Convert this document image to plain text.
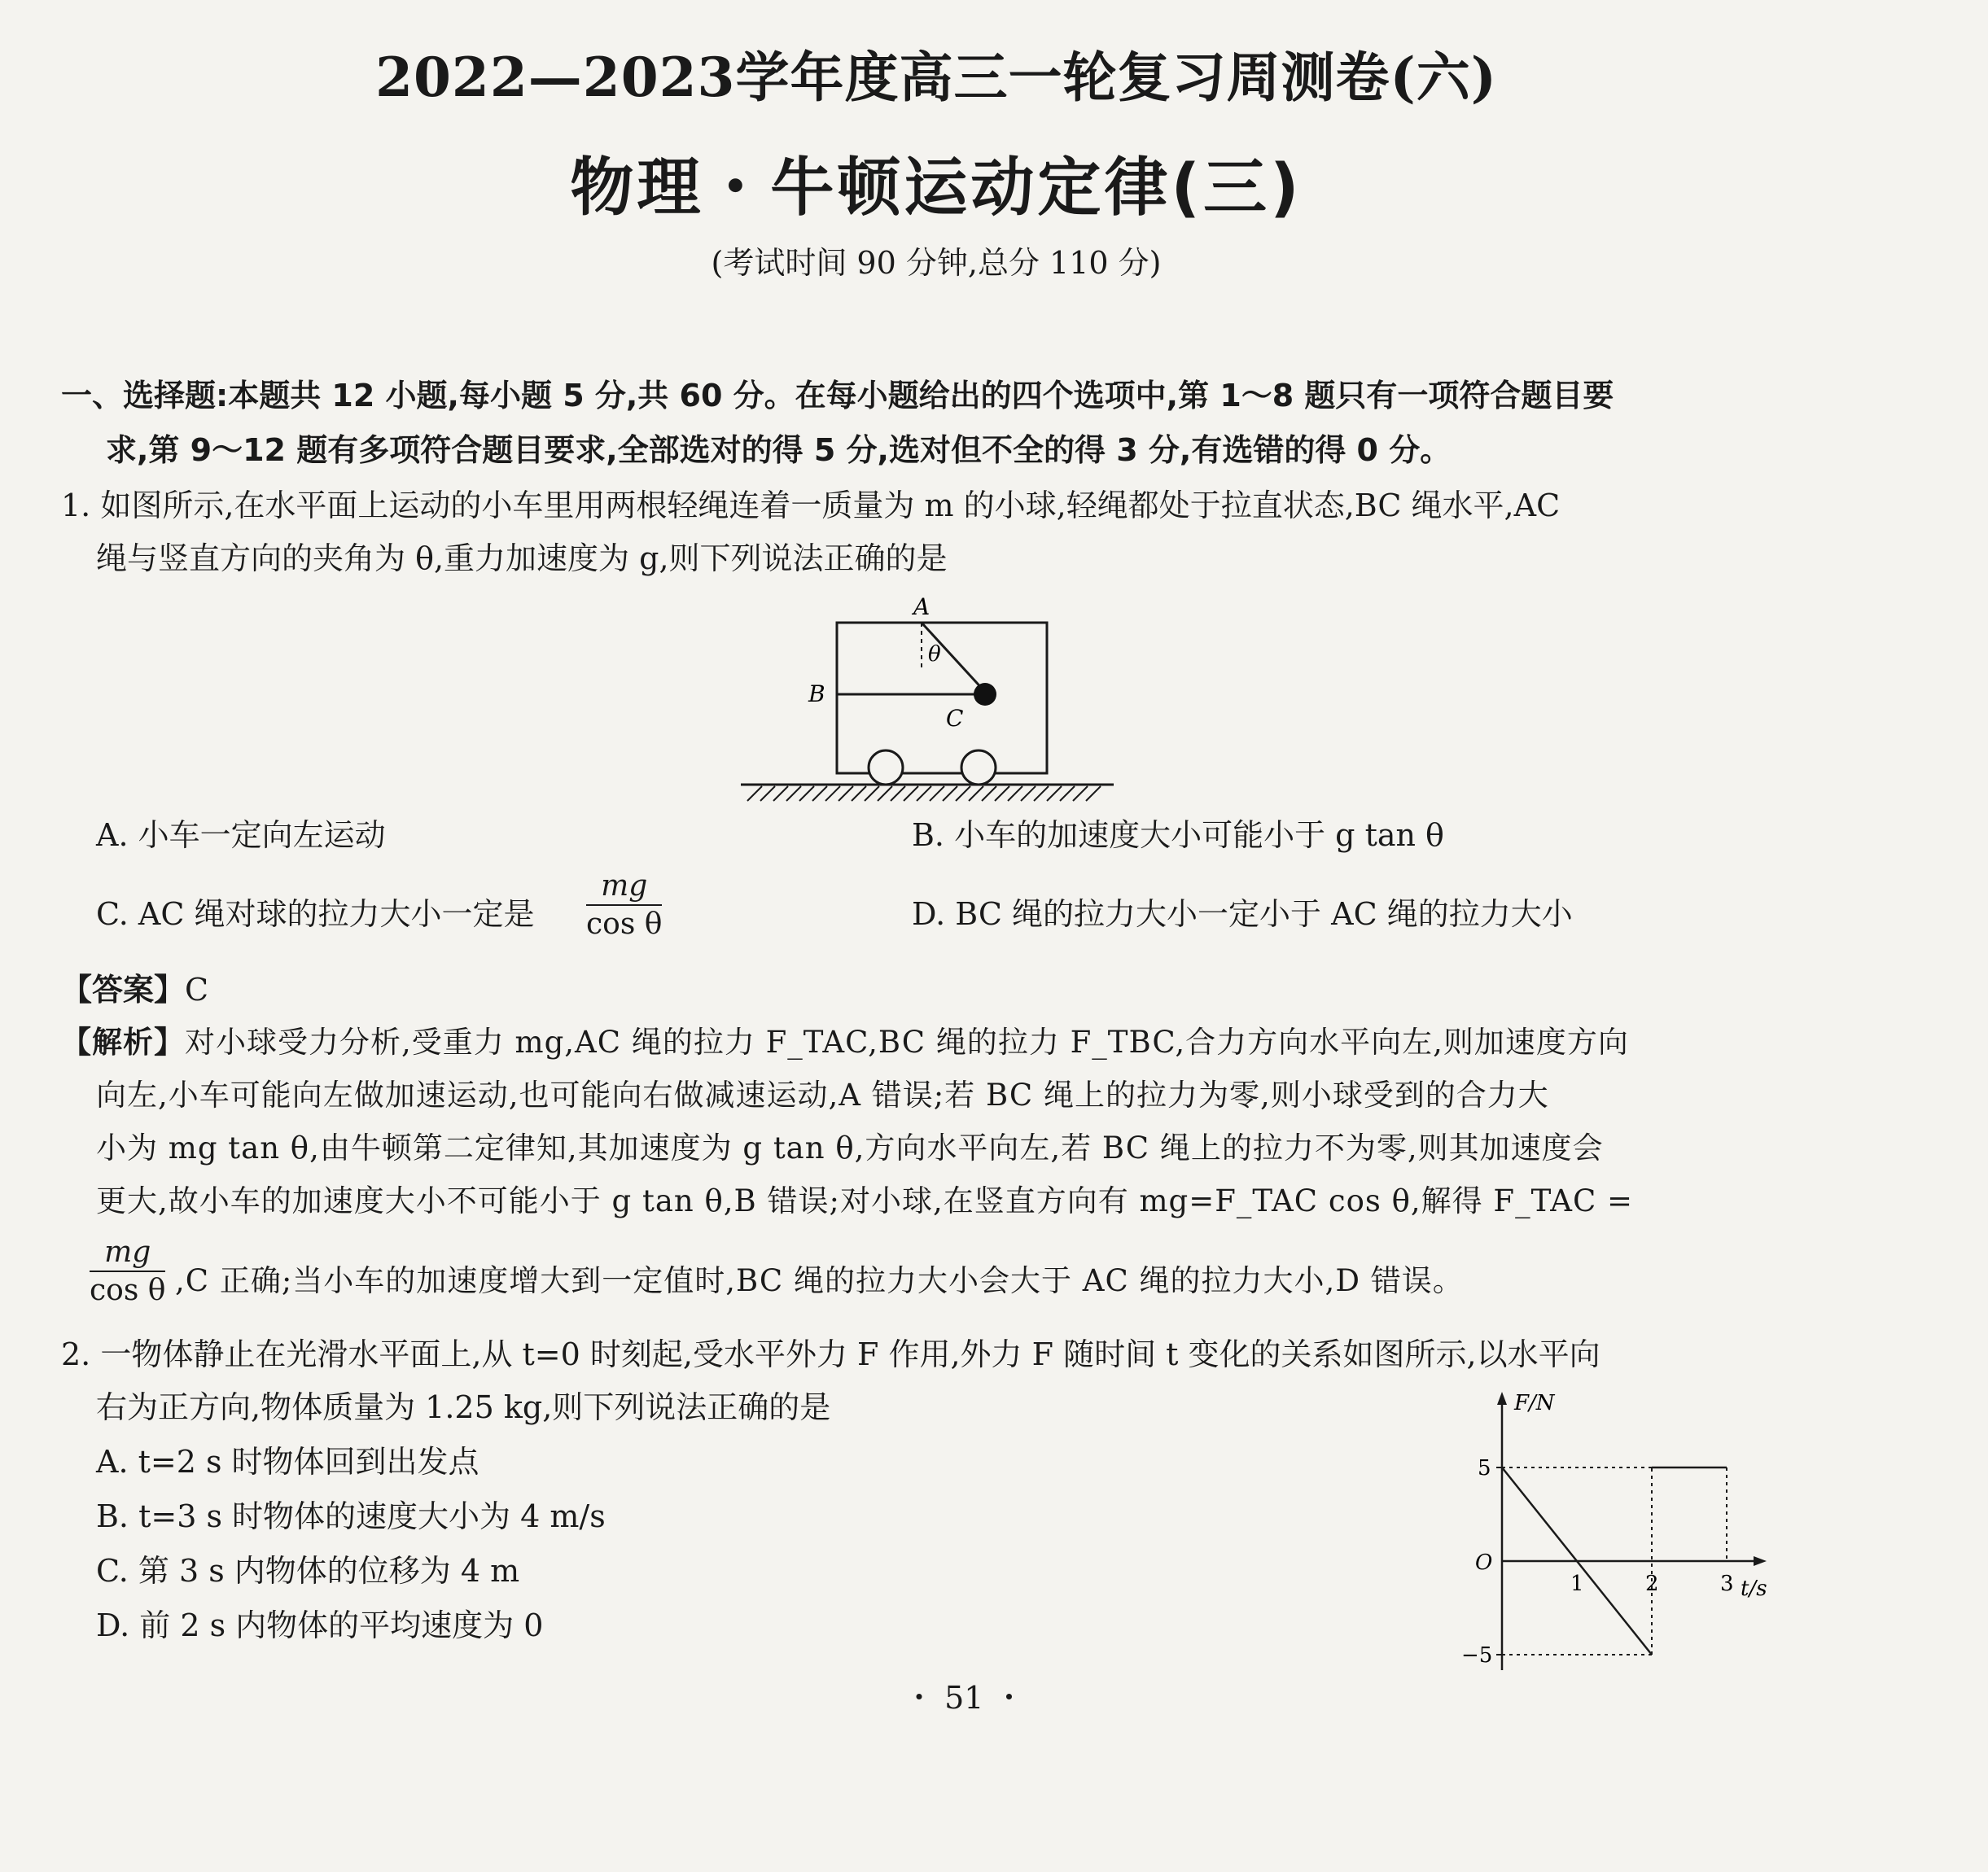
2022—2023学年度高三一轮复习周测卷(六)
物理・牛顿运动定律(三)
(考试时间 90 分钟,总分 110 分)
一、选择题:本题共 12 小题,每小题 5 分,共 60 分。在每小题给出的四个选项中,第 1～8 题只有一项符合题目要
求,第 9～12 题有多项符合题目要求,全部选对的得 5 分,选对但不全的得 3 分,有选错的得 0 分。
1. 如图所示,在水平面上运动的小车里用两根轻绳连着一质量为 m 的小球,轻绳都处于拉直状态,BC 绳水平,AC
绳与竖直方向的夹角为 θ,重力加速度为 g,则下列说法正确的是
A
θ
B
C
A. 小车一定向左运动	B. 小车的加速度大小可能小于 g tan θ
C. AC 绳对球的拉力大小一定是 $\frac{mg}{\text{cos θ}}$	D. BC 绳的拉力大小一定小于 AC 绳的拉力大小
【答案】C
【解析】对小球受力分析,受重力 mg,AC 绳的拉力 F_TAC,BC 绳的拉力 F_TBC,合力方向水平向左,则加速度方向
向左,小车可能向左做加速运动,也可能向右做减速运动,A 错误;若 BC 绳上的拉力为零,则小球受到的合力大
小为 mg tan θ,由牛顿第二定律知,其加速度为 g tan θ,方向水平向左,若 BC 绳上的拉力不为零,则其加速度会
更大,故小车的加速度大小不可能小于 g tan θ,B 错误;对小球,在竖直方向有 mg=F_TAC cos θ,解得 F_TAC =
$\frac{mg}{\text{cos θ}} ,C$ 正确;当小车的加速度增大到一定值时,BC 绳的拉力大小会大于 AC 绳的拉力大小,D 错误。
2. 一物体静止在光滑水平面上,从 t=0 时刻起,受水平外力 F 作用,外力 F 随时间 t 变化的关系如图所示,以水平向
右为正方向,物体质量为 1.25 kg,则下列说法正确的是
A. t=2 s 时物体回到出发点
B. t=3 s 时物体的速度大小为 4 m/s
C. 第 3 s 内物体的位移为 4 m
D. 前 2 s 内物体的平均速度为 0
F/N
t/s
O
1	2	3
5
−5
・ 51 ・
